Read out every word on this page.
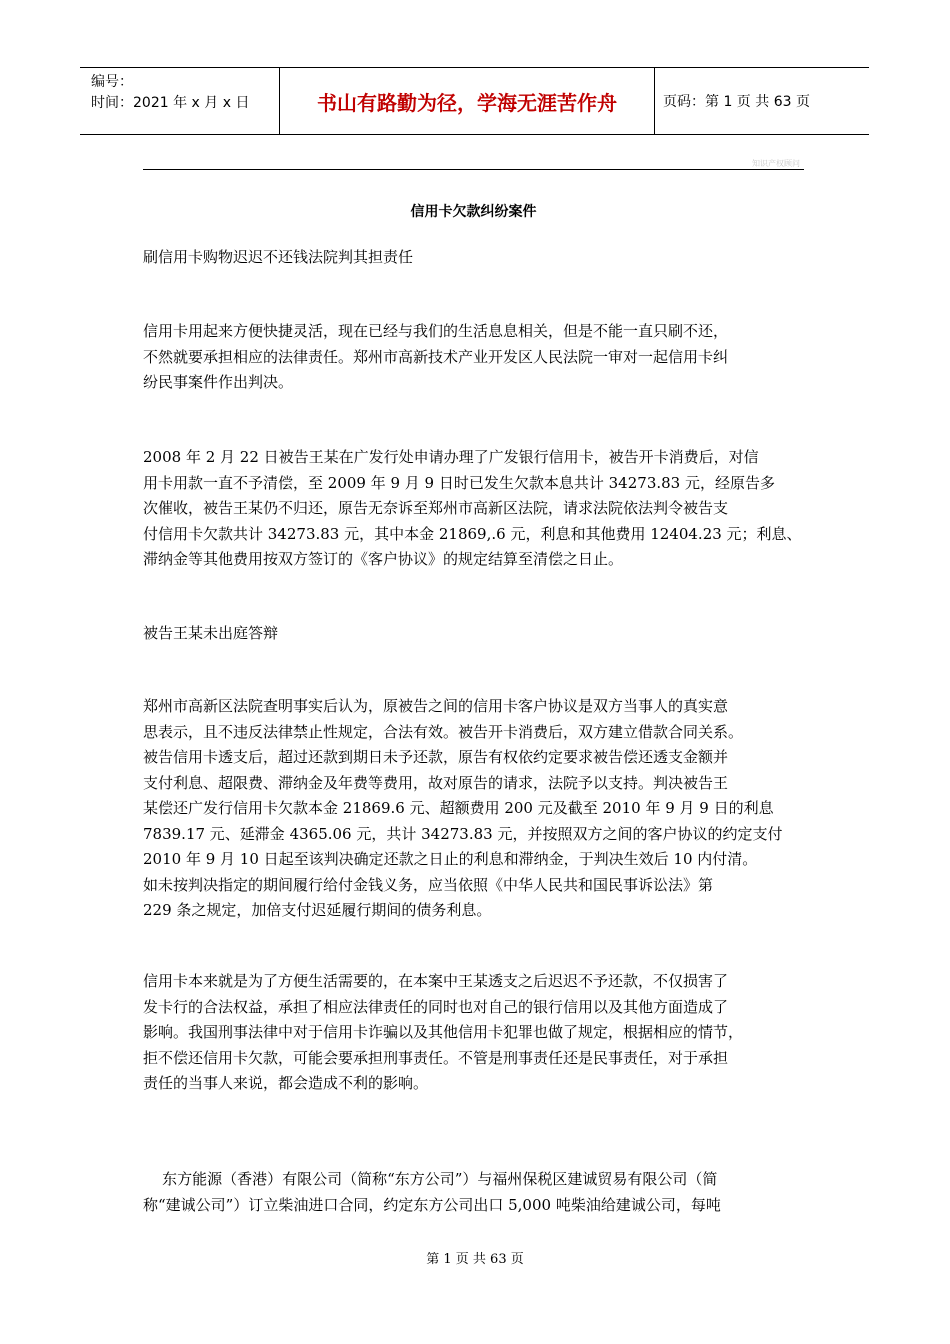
编号：
时间：2021 年 x 月 x 日	书山有路勤为径，学海无涯苦作舟	页码：第 1 页 共 63 页
知识产权顾问
信用卡欠款纠纷案件
刷信用卡购物迟迟不还钱法院判其担责任
信用卡用起来方便快捷灵活，现在已经与我们的生活息息相关，但是不能一直只刷不还，
不然就要承担相应的法律责任。郑州市高新技术产业开发区人民法院一审对一起信用卡纠
纷民事案件作出判决。
2008 年 2 月 22 日被告王某在广发行处申请办理了广发银行信用卡，被告开卡消费后，对信
用卡用款一直不予清偿，至 2009 年 9 月 9 日时已发生欠款本息共计 34273.83 元，经原告多
次催收，被告王某仍不归还，原告无奈诉至郑州市高新区法院，请求法院依法判令被告支
付信用卡欠款共计 34273.83 元，其中本金 21869,.6 元，利息和其他费用 12404.23 元；利息、
滞纳金等其他费用按双方签订的《客户协议》的规定结算至清偿之日止。
被告王某未出庭答辩
郑州市高新区法院查明事实后认为，原被告之间的信用卡客户协议是双方当事人的真实意
思表示，且不违反法律禁止性规定，合法有效。被告开卡消费后，双方建立借款合同关系。
被告信用卡透支后，超过还款到期日未予还款，原告有权依约定要求被告偿还透支金额并
支付利息、超限费、滞纳金及年费等费用，故对原告的请求，法院予以支持。判决被告王
某偿还广发行信用卡欠款本金 21869.6 元、超额费用 200 元及截至 2010 年 9 月 9 日的利息
7839.17 元、延滞金 4365.06 元，共计 34273.83 元，并按照双方之间的客户协议的约定支付
2010 年 9 月 10 日起至该判决确定还款之日止的利息和滞纳金，于判决生效后 10 内付清。
如未按判决指定的期间履行给付金钱义务，应当依照《中华人民共和国民事诉讼法》第
229 条之规定，加倍支付迟延履行期间的债务利息。
信用卡本来就是为了方便生活需要的，在本案中王某透支之后迟迟不予还款，不仅损害了
发卡行的合法权益，承担了相应法律责任的同时也对自己的银行信用以及其他方面造成了
影响。我国刑事法律中对于信用卡诈骗以及其他信用卡犯罪也做了规定，根据相应的情节，
拒不偿还信用卡欠款，可能会要承担刑事责任。不管是刑事责任还是民事责任，对于承担
责任的当事人来说，都会造成不利的影响。
东方能源（香港）有限公司（简称“东方公司”）与福州保税区建诚贸易有限公司（简
称“建诚公司”）订立柴油进口合同，约定东方公司出口 5,000 吨柴油给建诚公司，每吨
第 1 页 共 63 页
